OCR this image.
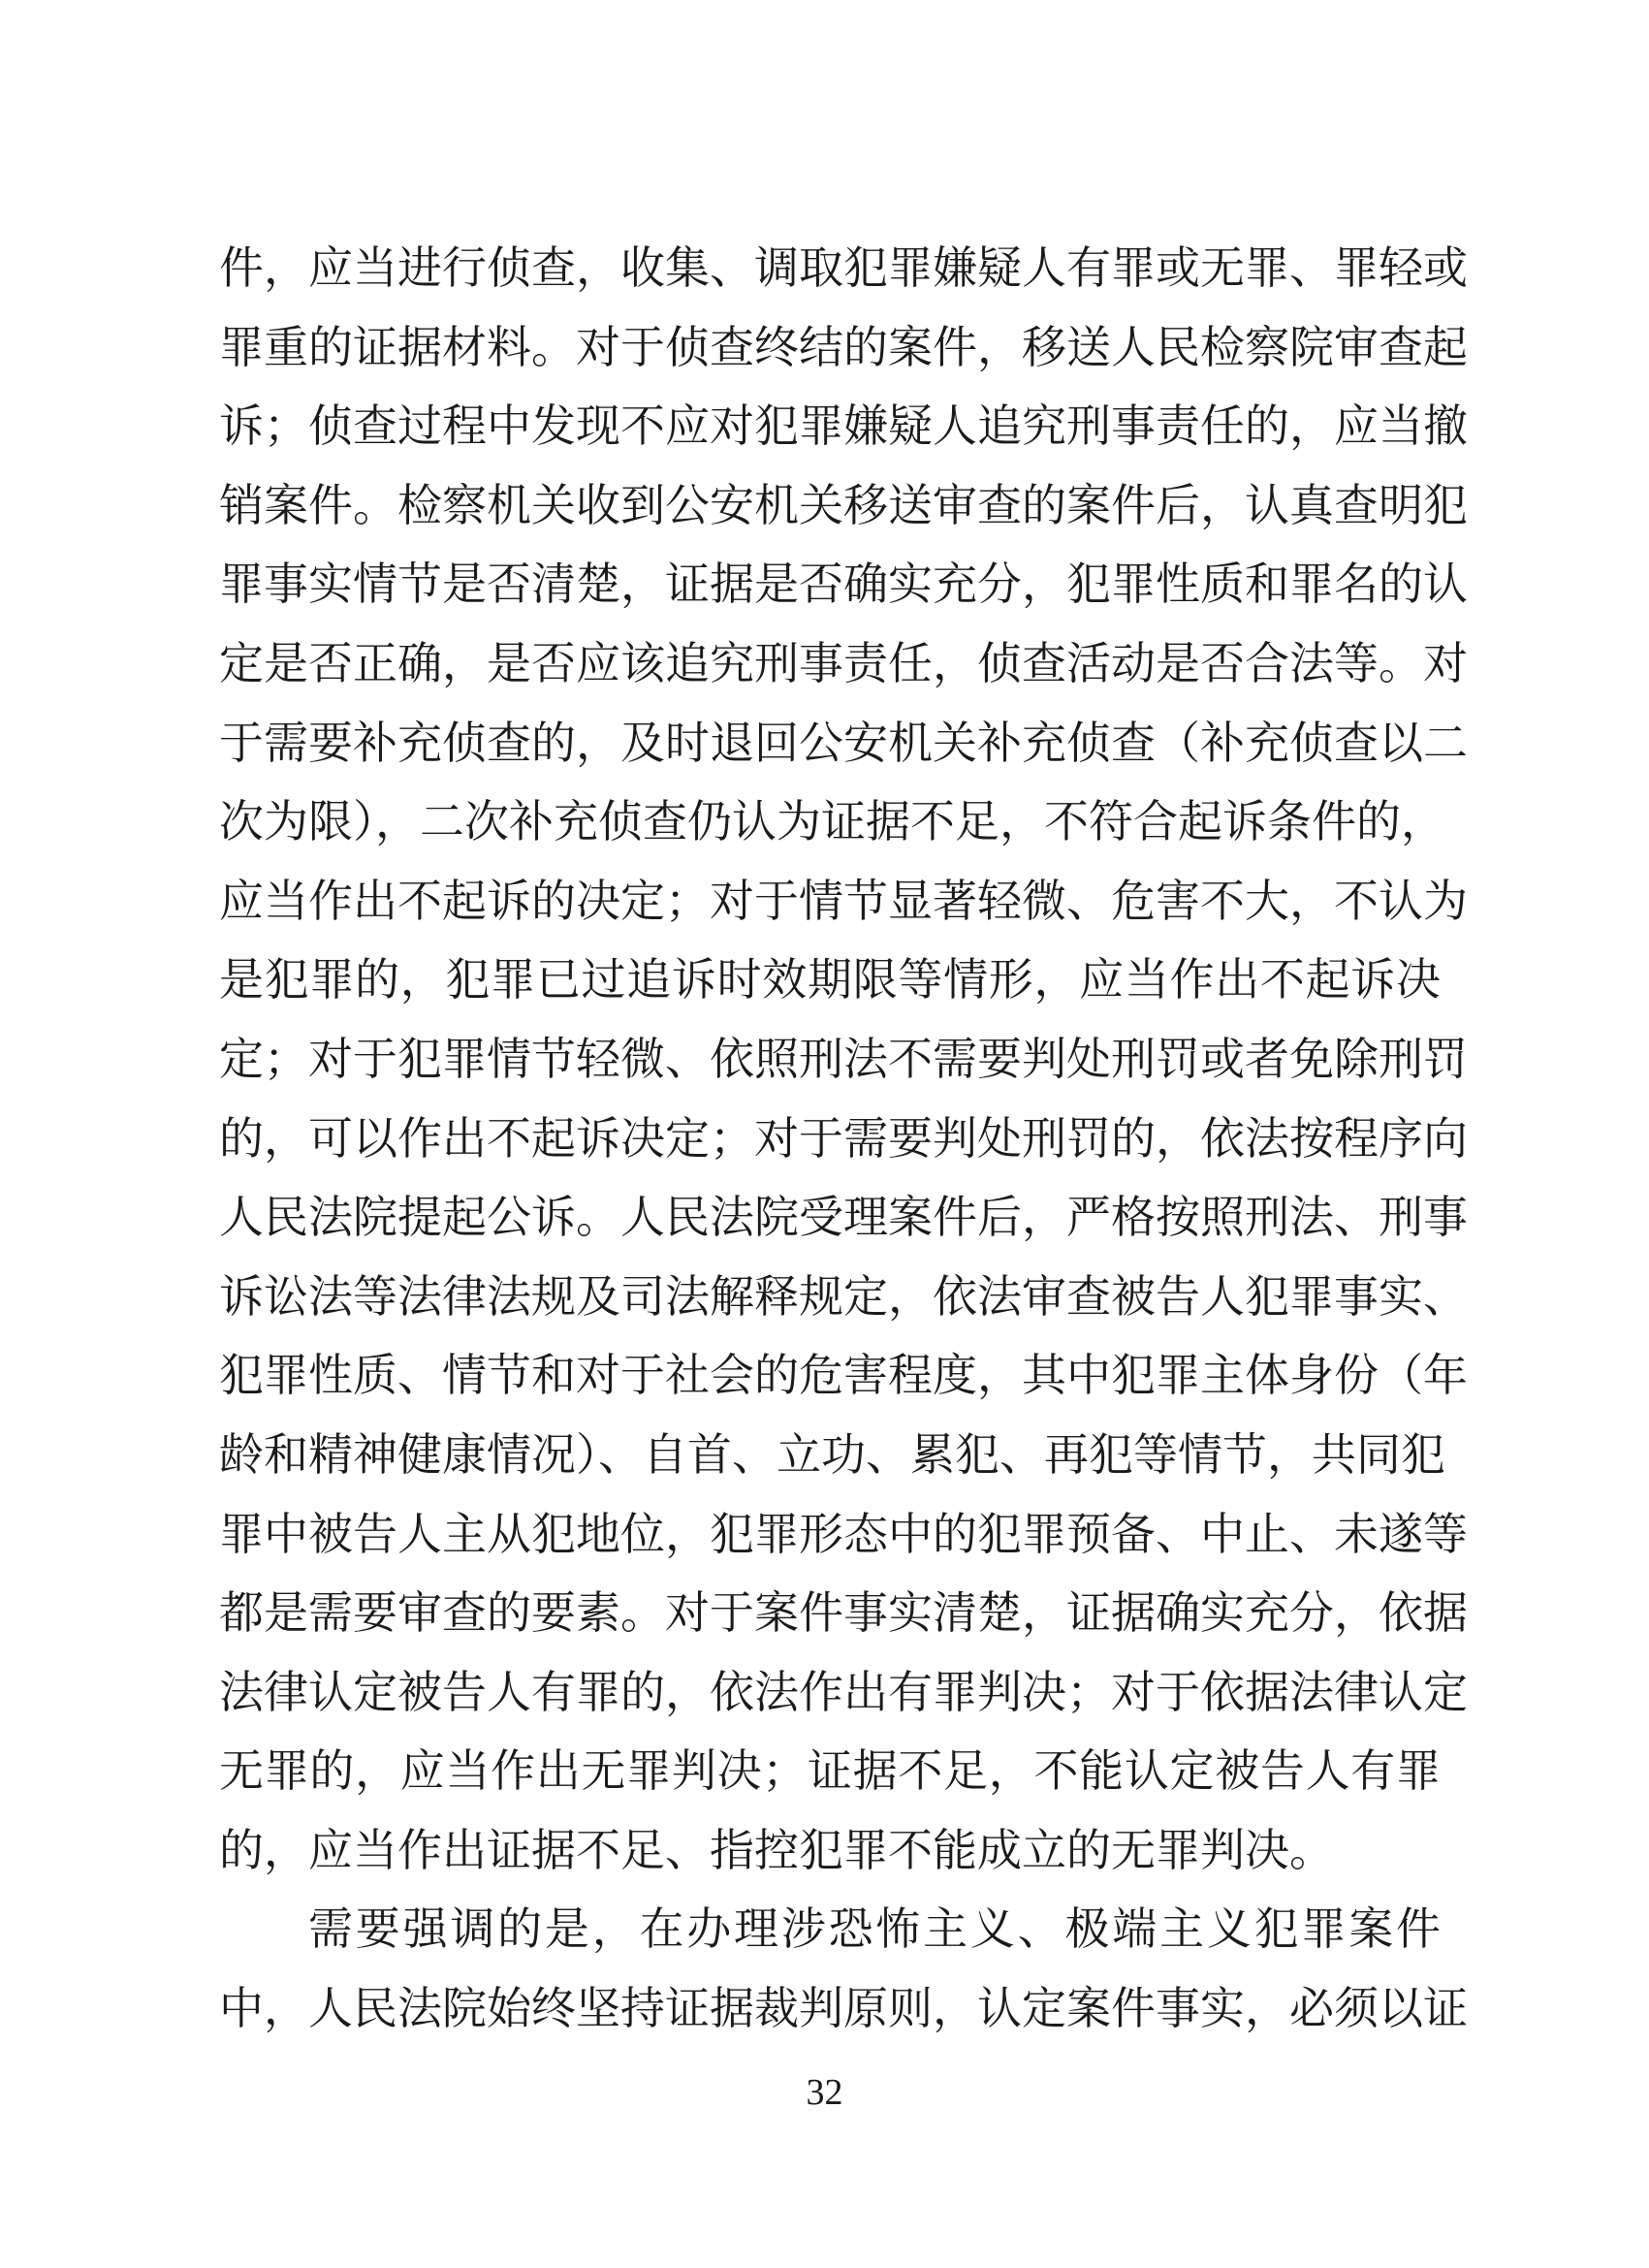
件，应当进行侦查，收集、调取犯罪嫌疑人有罪或无罪、罪轻或
罪重的证据材料。对于侦查终结的案件，移送人民检察院审查起
诉；侦查过程中发现不应对犯罪嫌疑人追究刑事责任的，应当撤
销案件。检察机关收到公安机关移送审查的案件后，认真查明犯
罪事实情节是否清楚，证据是否确实充分，犯罪性质和罪名的认
定是否正确，是否应该追究刑事责任，侦查活动是否合法等。对
于需要补充侦查的，及时退回公安机关补充侦查（补充侦查以二
次为限），二次补充侦查仍认为证据不足，不符合起诉条件的，
应当作出不起诉的决定；对于情节显著轻微、危害不大，不认为
是犯罪的，犯罪已过追诉时效期限等情形，应当作出不起诉决
定；对于犯罪情节轻微、依照刑法不需要判处刑罚或者免除刑罚
的，可以作出不起诉决定；对于需要判处刑罚的，依法按程序向
人民法院提起公诉。人民法院受理案件后，严格按照刑法、刑事
诉讼法等法律法规及司法解释规定，依法审查被告人犯罪事实、
犯罪性质、情节和对于社会的危害程度，其中犯罪主体身份（年
龄和精神健康情况）、自首、立功、累犯、再犯等情节，共同犯
罪中被告人主从犯地位，犯罪形态中的犯罪预备、中止、未遂等
都是需要审查的要素。对于案件事实清楚，证据确实充分，依据
法律认定被告人有罪的，依法作出有罪判决；对于依据法律认定
无罪的，应当作出无罪判决；证据不足，不能认定被告人有罪
的，应当作出证据不足、指控犯罪不能成立的无罪判决。
需要强调的是，在办理涉恐怖主义、极端主义犯罪案件
中，人民法院始终坚持证据裁判原则，认定案件事实，必须以证
32
